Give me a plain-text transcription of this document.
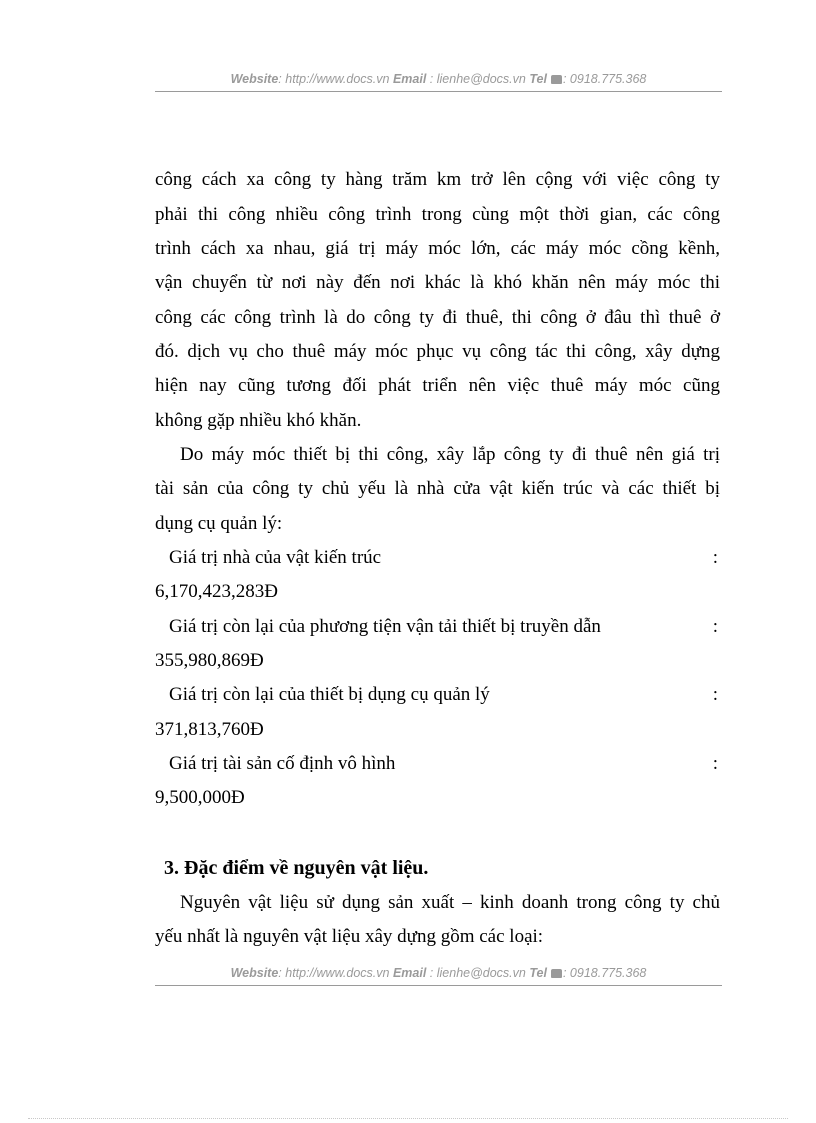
Website: http://www.docs.vn Email : lienhe@docs.vn Tel : 0918.775.368
công cách xa công ty hàng trăm km trở lên cộng với việc công ty
phải thi công nhiều công trình trong cùng một thời gian, các công
trình cách xa nhau, giá trị máy móc lớn, các máy móc cồng kềnh,
vận chuyển từ nơi này đến nơi khác là khó khăn nên máy móc thi
công các công trình là do công ty đi thuê, thi công ở đâu thì thuê ở
đó. dịch vụ cho thuê máy móc phục vụ công tác thi công, xây dựng
hiện nay cũng tương đối phát triển nên việc thuê máy móc cũng
không gặp nhiều khó khăn.
Do máy móc thiết bị thi công, xây lắp công ty đi thuê nên giá trị
tài sản của công ty chủ yếu là nhà cửa vật kiến trúc và các thiết bị
dụng cụ quản lý:
Giá trị nhà của vật kiến trúc	:
6,170,423,283Đ
Giá trị còn lại của phương tiện vận tải thiết bị truyền dẫn	:
355,980,869Đ
Giá trị còn lại của thiết bị dụng cụ quản lý	:
371,813,760Đ
Giá trị tài sản cố định vô hình	:
9,500,000Đ
3. Đặc điểm về nguyên vật liệu.
Nguyên vật liệu sử dụng sản xuất – kinh doanh trong công ty chủ
yếu nhất là nguyên vật liệu xây dựng gồm các loại:
Website: http://www.docs.vn Email : lienhe@docs.vn Tel : 0918.775.368
